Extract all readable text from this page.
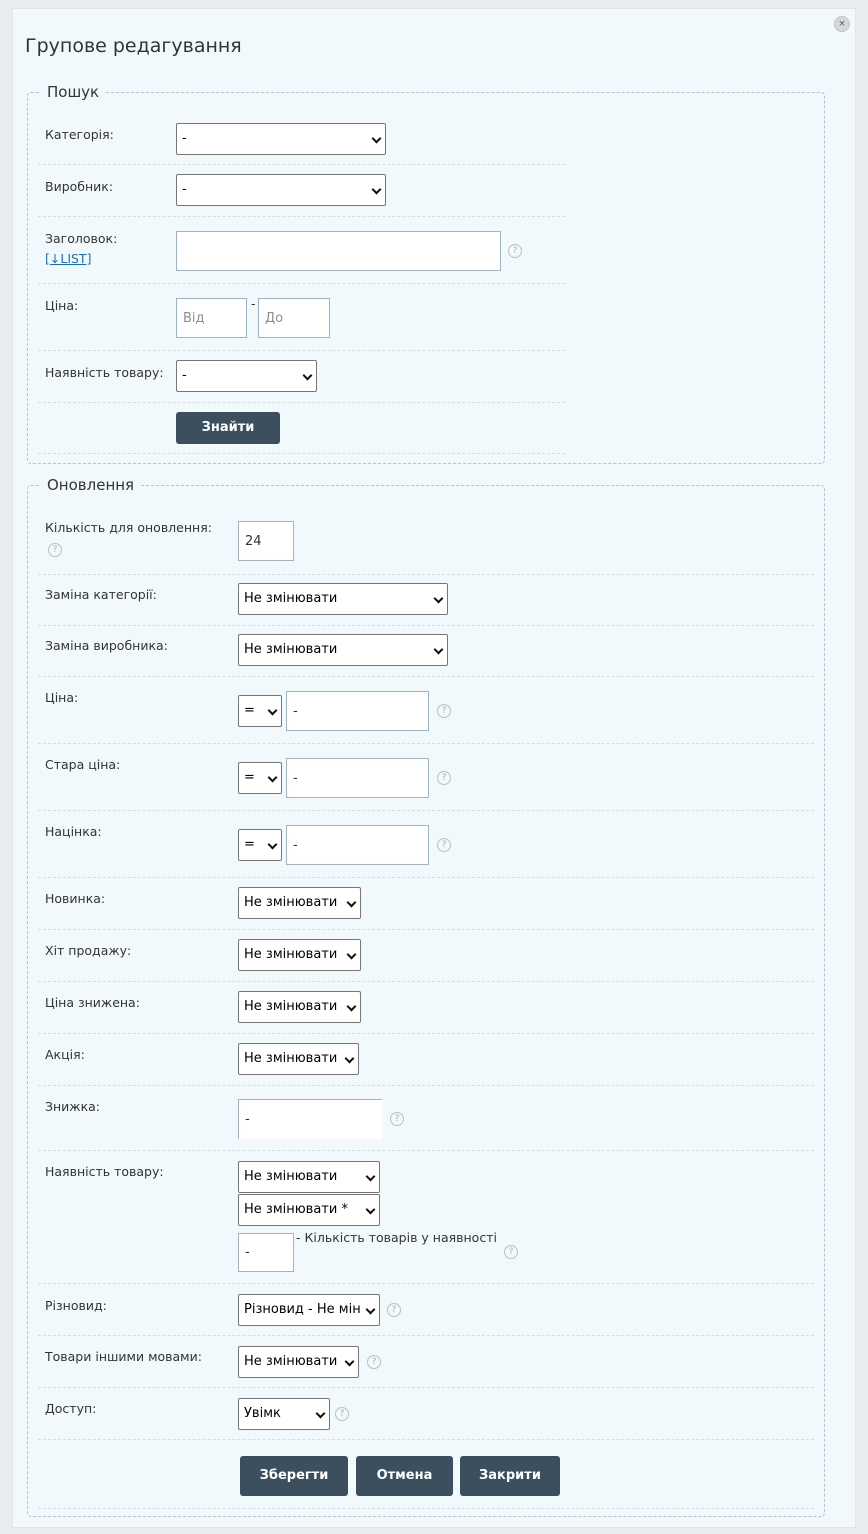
×
Групове редагування
Пошук
Категорія:	-
Виробник:	-
Заголовок:
[↓LIST]	?
Ціна:
Від
-
До
Наявність товару:	-
Знайти
Оновлення
Кількість для оновлення:
?
24
Заміна категорії:	Не змінювати
Заміна виробника:	Не змінювати
Ціна:
=	-	?
Стара ціна:
=	-	?
Націнка:
=	-	?
Новинка:	Не змінювати
Хіт продажу:	Не змінювати
Ціна знижена:	Не змінювати
Акція:	Не змінювати
Знижка:
-	?
Наявність товару:	Не змінювати
Не змінювати *
-
- Кількість товарів у наявності
?
Різновид:	Різновид - Не мін	?
Товари іншими мовами:	Не змінювати	?
Доступ:	Увімк	?
Зберегти	Отмена	Закрити
